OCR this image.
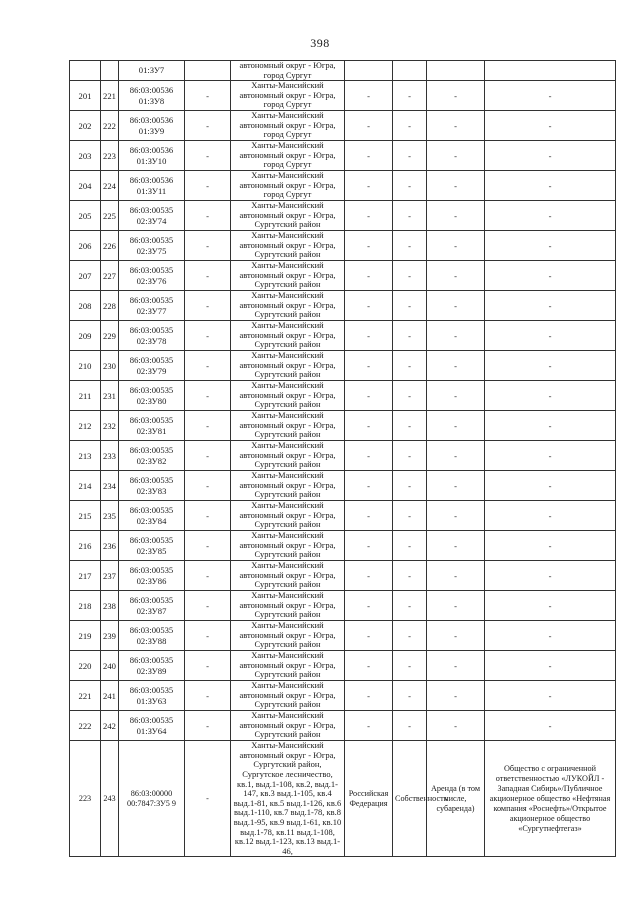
398
		01:ЗУ7		автономный округ - Югра, город Сургут				
201	221	86:03:00536 01:ЗУ8	-	Ханты-Мансийский автономный округ - Югра, город Сургут	-	-	-	-
202	222	86:03:00536 01:ЗУ9	-	Ханты-Мансийский автономный округ - Югра, город Сургут	-	-	-	-
203	223	86:03:00536 01:ЗУ10	-	Ханты-Мансийский автономный округ - Югра, город Сургут	-	-	-	-
204	224	86:03:00536 01:ЗУ11	-	Ханты-Мансийский автономный округ - Югра, город Сургут	-	-	-	-
205	225	86:03:00535 02:ЗУ74	-	Ханты-Мансийский автономный округ - Югра, Сургутский район	-	-	-	-
206	226	86:03:00535 02:ЗУ75	-	Ханты-Мансийский автономный округ - Югра, Сургутский район	-	-	-	-
207	227	86:03:00535 02:ЗУ76	-	Ханты-Мансийский автономный округ - Югра, Сургутский район	-	-	-	-
208	228	86:03:00535 02:ЗУ77	-	Ханты-Мансийский автономный округ - Югра, Сургутский район	-	-	-	-
209	229	86:03:00535 02:ЗУ78	-	Ханты-Мансийский автономный округ - Югра, Сургутский район	-	-	-	-
210	230	86:03:00535 02:ЗУ79	-	Ханты-Мансийский автономный округ - Югра, Сургутский район	-	-	-	-
211	231	86:03:00535 02:ЗУ80	-	Ханты-Мансийский автономный округ - Югра, Сургутский район	-	-	-	-
212	232	86:03:00535 02:ЗУ81	-	Ханты-Мансийский автономный округ - Югра, Сургутский район	-	-	-	-
213	233	86:03:00535 02:ЗУ82	-	Ханты-Мансийский автономный округ - Югра, Сургутский район	-	-	-	-
214	234	86:03:00535 02:ЗУ83	-	Ханты-Мансийский автономный округ - Югра, Сургутский район	-	-	-	-
215	235	86:03:00535 02:ЗУ84	-	Ханты-Мансийский автономный округ - Югра, Сургутский район	-	-	-	-
216	236	86:03:00535 02:ЗУ85	-	Ханты-Мансийский автономный округ - Югра, Сургутский район	-	-	-	-
217	237	86:03:00535 02:ЗУ86	-	Ханты-Мансийский автономный округ - Югра, Сургутский район	-	-	-	-
218	238	86:03:00535 02:ЗУ87	-	Ханты-Мансийский автономный округ - Югра, Сургутский район	-	-	-	-
219	239	86:03:00535 02:ЗУ88	-	Ханты-Мансийский автономный округ - Югра, Сургутский район	-	-	-	-
220	240	86:03:00535 02:ЗУ89	-	Ханты-Мансийский автономный округ - Югра, Сургутский район	-	-	-	-
221	241	86:03:00535 01:ЗУ63	-	Ханты-Мансийский автономный округ - Югра, Сургутский район	-	-	-	-
222	242	86:03:00535 01:ЗУ64	-	Ханты-Мансийский автономный округ - Югра, Сургутский район	-	-	-	-
223	243	86:03:00000 00:7847:ЗУ5 9	-	Ханты-Мансийский автономный округ - Югра, Сургутский район, Сургутское лесничество, кв.1, выд.1-108, кв.2, выд.1-147, кв.3 выд.1-105, кв.4 выд.1-81, кв.5 выд.1-126, кв.6 выд.1-110, кв.7 выд.1-78, кв.8 выд.1-95, кв.9 выд.1-61, кв.10 выд.1-78, кв.11 выд.1-108, кв.12 выд.1-123, кв.13 выд.1-46,	Российская Федерация	Собственность	Аренда (в том числе, субаренда)	Общество с ограниченной ответственностью «ЛУКОЙЛ - Западная Сибирь»/Публичное акционерное общество «Нефтяная компания «Роснефть»/Открытое акционерное общество «Сургутнефтегаз»
